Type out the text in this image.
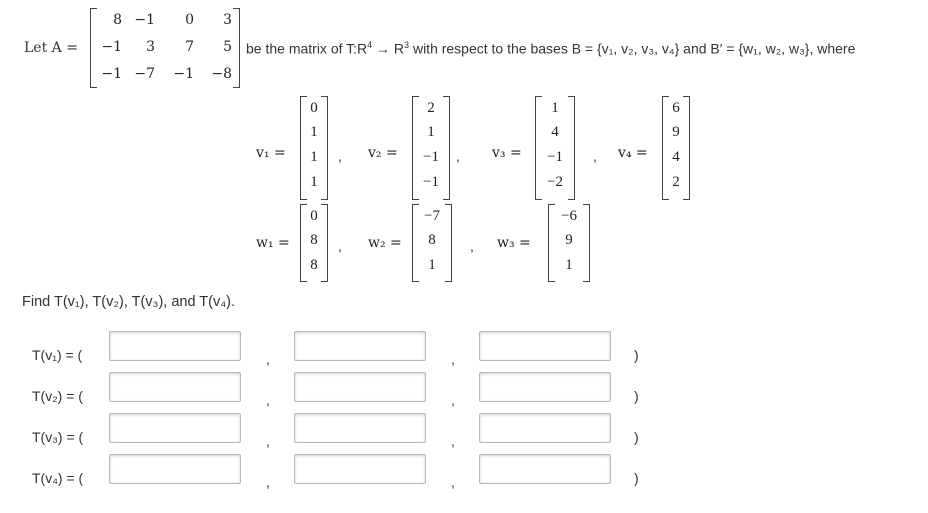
Let A =
8 −1 0 3
−1 3 7 5
−1 −7 −1 −8
be the matrix of $T:R^4 \to R^3$ with respect to the bases B = {v₁, v₂, v₃, v₄} and B′ = {w₁, w₂, w₃}, where
v₁ =
0
1
1
1
, v₂ =
2
1
−1
−1
, v₃ =
1
4
−1
−2
, v₄ =
6
9
4
2
w₁ =
0
8
8
, w₂ =
−7
8
1
, w₃ =
−6
9
1
Find T(v₁), T(v₂), T(v₃), and T(v₄).
T(v₁) = (	,	,	)
T(v₂) = (	,	,	)
T(v₃) = (	,	,	)
T(v₄) = (	,	,	)
